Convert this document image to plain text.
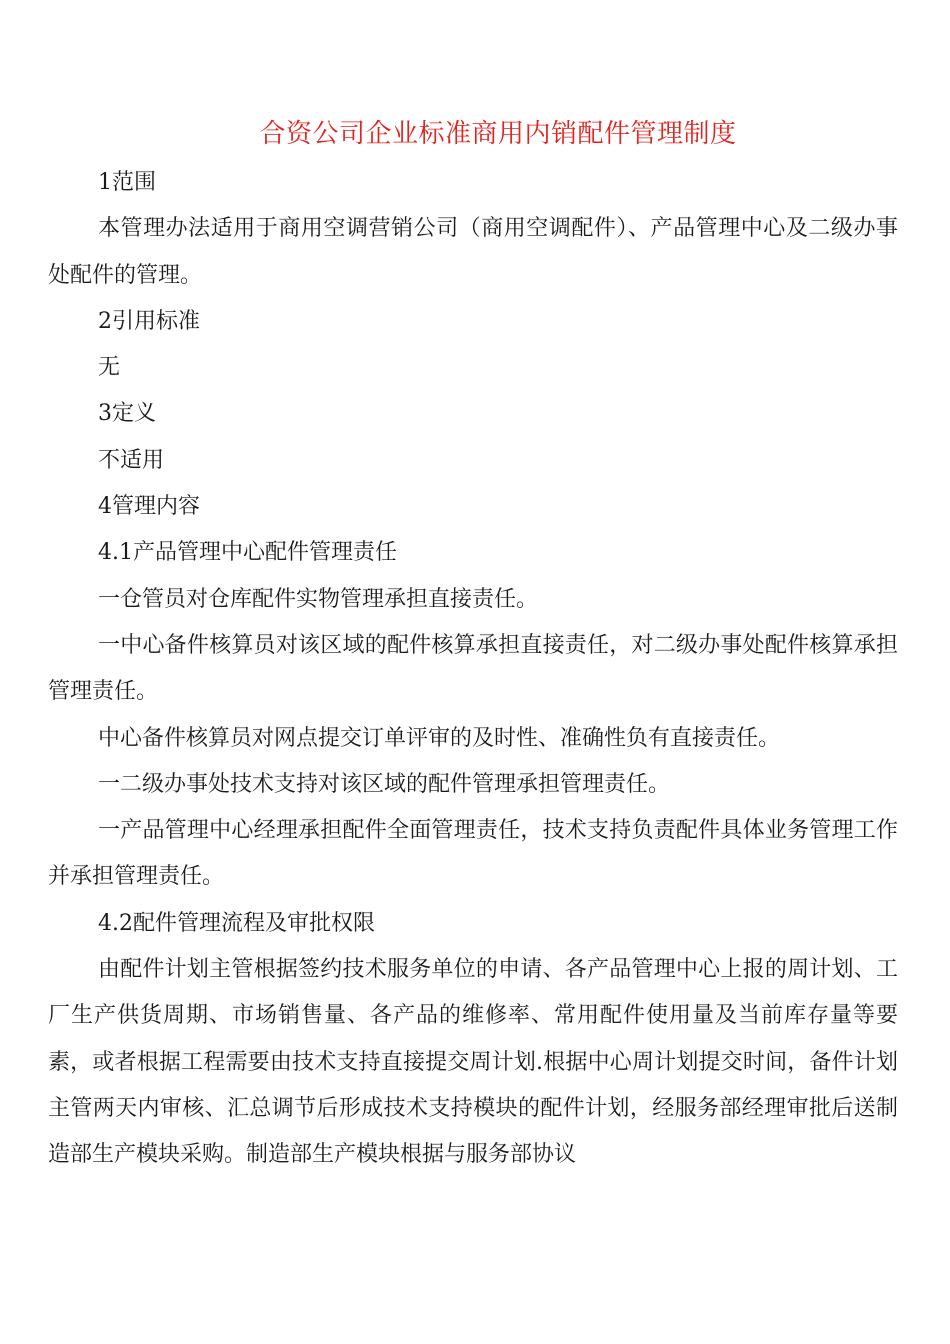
合资公司企业标准商用内销配件管理制度

1范围

本管理办法适用于商用空调营销公司（商用空调配件）、产品管理中心及二级办事处配件的管理。

2引用标准

无

3定义

不适用

4管理内容

4.1产品管理中心配件管理责任

一仓管员对仓库配件实物管理承担直接责任。

一中心备件核算员对该区域的配件核算承担直接责任，对二级办事处配件核算承担管理责任。

中心备件核算员对网点提交订单评审的及时性、准确性负有直接责任。

一二级办事处技术支持对该区域的配件管理承担管理责任。

一产品管理中心经理承担配件全面管理责任，技术支持负责配件具体业务管理工作并承担管理责任。

4.2配件管理流程及审批权限

由配件计划主管根据签约技术服务单位的申请、各产品管理中心上报的周计划、工厂生产供货周期、市场销售量、各产品的维修率、常用配件使用量及当前库存量等要素，或者根据工程需要由技术支持直接提交周计划.根据中心周计划提交时间，备件计划主管两天内审核、汇总调节后形成技术支持模块的配件计划，经服务部经理审批后送制造部生产模块采购。制造部生产模块根据与服务部协议
